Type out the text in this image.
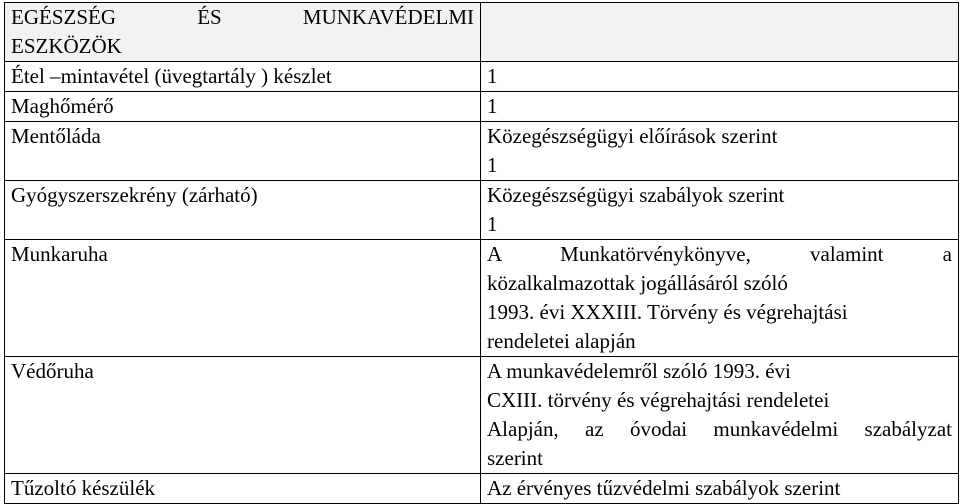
EGÉSZSÉG ÉS MUNKAVÉDELMI
ESZKÖZÖK	

Étel –mintavétel (üvegtartály ) készlet	1

Maghőmérő	1

Mentőláda	Közegészségügyi előírások szerint
1

Gyógyszerszekrény (zárható)	Közegészségügyi szabályok szerint
1

Munkaruha	A Munkatörvénykönyve, valamint a
közalkalmazottak jogállásáról szóló
1993. évi XXXIII. Törvény és végrehajtási
rendeletei alapján

Védőruha	A munkavédelemről szóló 1993. évi
CXIII. törvény és végrehajtási rendeletei
Alapján, az óvodai munkavédelmi szabályzat
szerint

Tűzoltó készülék	Az érvényes tűzvédelmi szabályok szerint
